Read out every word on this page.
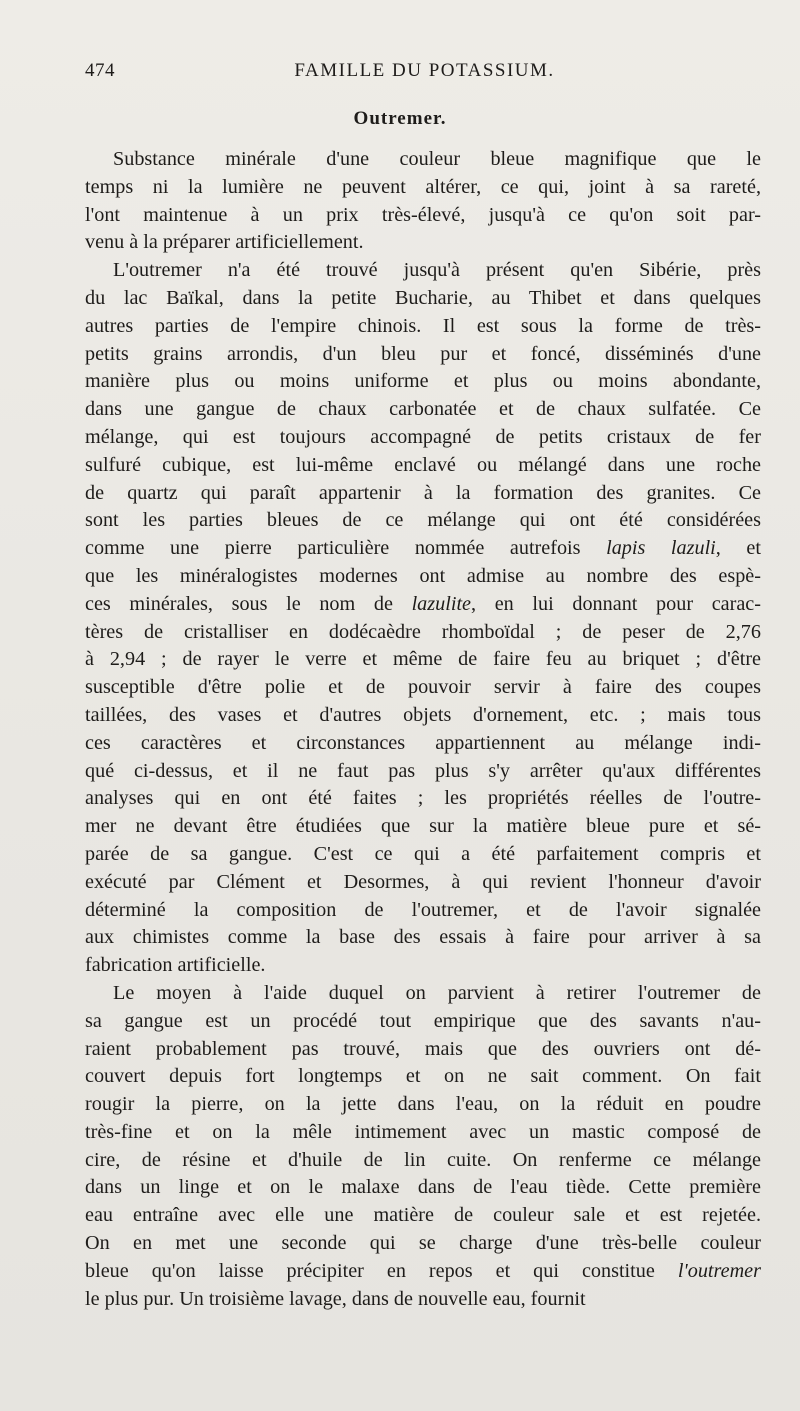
474	FAMILLE DU POTASSIUM.
Outremer.

Substance minérale d'une couleur bleue magnifique que le
temps ni la lumière ne peuvent altérer, ce qui, joint à sa rareté,
l'ont maintenue à un prix très-élevé, jusqu'à ce qu'on soit par-
venu à la préparer artificiellement.

L'outremer n'a été trouvé jusqu'à présent qu'en Sibérie, près
du lac Baïkal, dans la petite Bucharie, au Thibet et dans quelques
autres parties de l'empire chinois. Il est sous la forme de très-
petits grains arrondis, d'un bleu pur et foncé, disséminés d'une
manière plus ou moins uniforme et plus ou moins abondante,
dans une gangue de chaux carbonatée et de chaux sulfatée. Ce
mélange, qui est toujours accompagné de petits cristaux de fer
sulfuré cubique, est lui-même enclavé ou mélangé dans une roche
de quartz qui paraît appartenir à la formation des granites. Ce
sont les parties bleues de ce mélange qui ont été considérées
comme une pierre particulière nommée autrefois lapis lazuli, et
que les minéralogistes modernes ont admise au nombre des espè-
ces minérales, sous le nom de lazulite, en lui donnant pour carac-
tères de cristalliser en dodécaèdre rhomboïdal ; de peser de 2,76
à 2,94 ; de rayer le verre et même de faire feu au briquet ; d'être
susceptible d'être polie et de pouvoir servir à faire des coupes
taillées, des vases et d'autres objets d'ornement, etc. ; mais tous
ces caractères et circonstances appartiennent au mélange indi-
qué ci-dessus, et il ne faut pas plus s'y arrêter qu'aux différentes
analyses qui en ont été faites ; les propriétés réelles de l'outre-
mer ne devant être étudiées que sur la matière bleue pure et sé-
parée de sa gangue. C'est ce qui a été parfaitement compris et
exécuté par Clément et Desormes, à qui revient l'honneur d'avoir
déterminé la composition de l'outremer, et de l'avoir signalée
aux chimistes comme la base des essais à faire pour arriver à sa
fabrication artificielle.

Le moyen à l'aide duquel on parvient à retirer l'outremer de
sa gangue est un procédé tout empirique que des savants n'au-
raient probablement pas trouvé, mais que des ouvriers ont dé-
couvert depuis fort longtemps et on ne sait comment. On fait
rougir la pierre, on la jette dans l'eau, on la réduit en poudre
très-fine et on la mêle intimement avec un mastic composé de
cire, de résine et d'huile de lin cuite. On renferme ce mélange
dans un linge et on le malaxe dans de l'eau tiède. Cette première
eau entraîne avec elle une matière de couleur sale et est rejetée.
On en met une seconde qui se charge d'une très-belle couleur
bleue qu'on laisse précipiter en repos et qui constitue l'outremer
le plus pur. Un troisième lavage, dans de nouvelle eau, fournit
